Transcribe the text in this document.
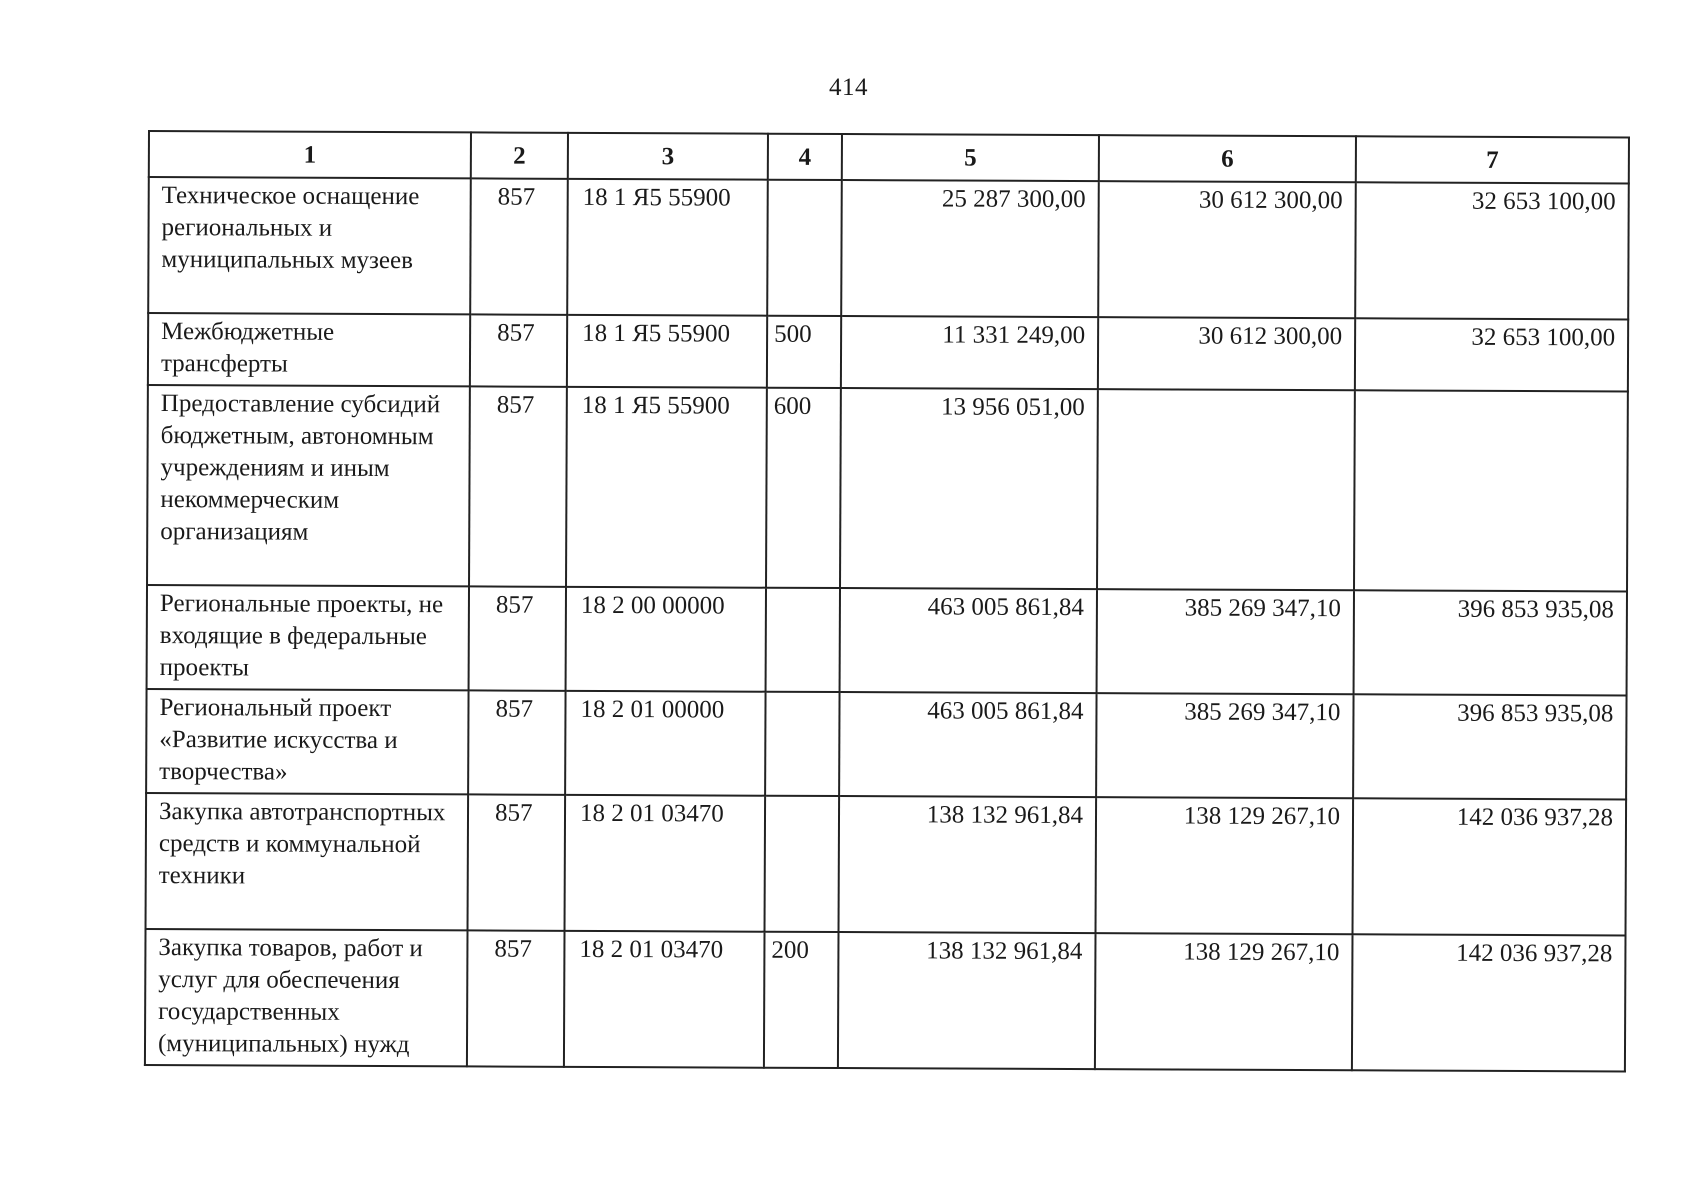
414
1	2	3	4	5	6	7
Техническое оснащение региональных и муниципальных музеев	857	18 1 Я5 55900		25 287 300,00	30 612 300,00	32 653 100,00
Межбюджетные трансферты	857	18 1 Я5 55900	500	11 331 249,00	30 612 300,00	32 653 100,00
Предоставление субсидий бюджетным, автономным учреждениям и иным некоммерческим организациям	857	18 1 Я5 55900	600	13 956 051,00		
Региональные проекты, не входящие в федеральные проекты	857	18 2 00 00000		463 005 861,84	385 269 347,10	396 853 935,08
Региональный проект «Развитие искусства и творчества»	857	18 2 01 00000		463 005 861,84	385 269 347,10	396 853 935,08
Закупка автотранспортных средств и коммунальной техники	857	18 2 01 03470		138 132 961,84	138 129 267,10	142 036 937,28
Закупка товаров, работ и услуг для обеспечения государственных (муниципальных) нужд	857	18 2 01 03470	200	138 132 961,84	138 129 267,10	142 036 937,28
